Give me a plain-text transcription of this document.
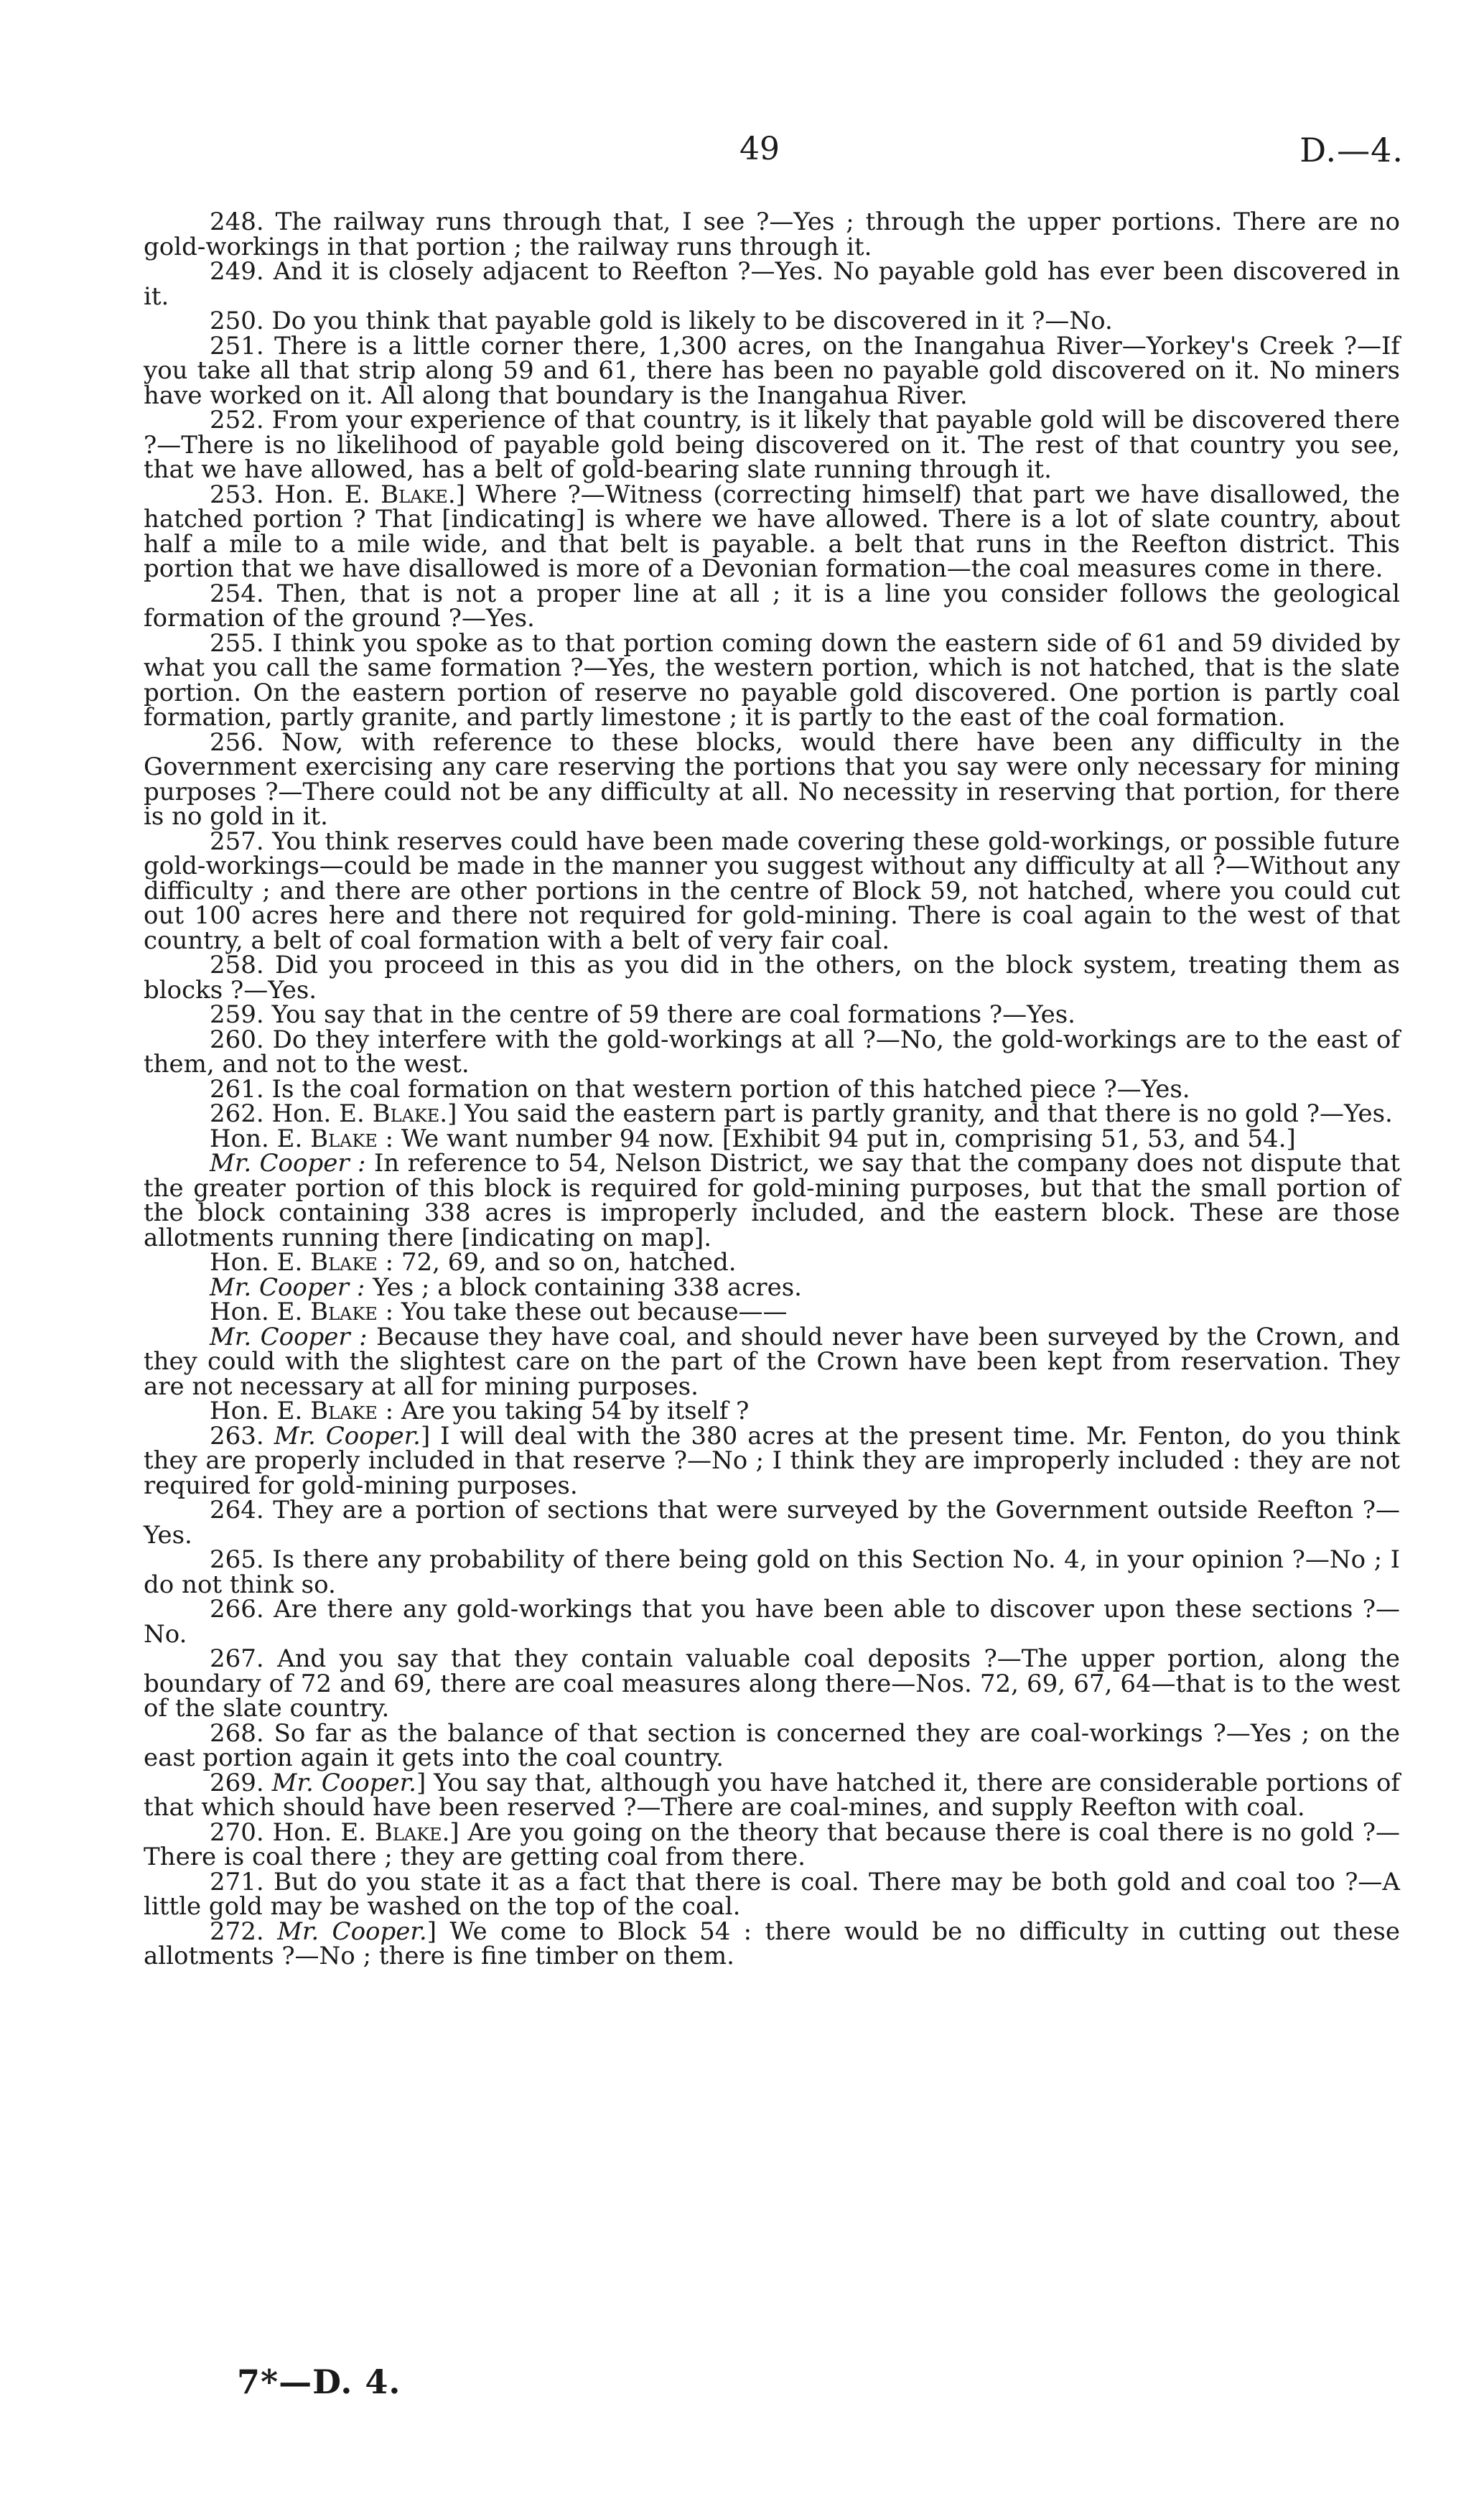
49	D.—4.

248. The railway runs through that, I see ?—Yes ; through the upper portions. There are no gold-workings in that portion ; the railway runs through it.

249. And it is closely adjacent to Reefton ?—Yes. No payable gold has ever been discovered in it.

250. Do you think that payable gold is likely to be discovered in it ?—No.

251. There is a little corner there, 1,300 acres, on the Inangahua River—Yorkey's Creek ?—If you take all that strip along 59 and 61, there has been no payable gold discovered on it. No miners have worked on it. All along that boundary is the Inangahua River.

252. From your experience of that country, is it likely that payable gold will be discovered there ?—There is no likelihood of payable gold being discovered on it. The rest of that country you see, that we have allowed, has a belt of gold-bearing slate running through it.

253. Hon. E. Blake.] Where ?—Witness (correcting himself) that part we have disallowed, the hatched portion ? That [indicating] is where we have allowed. There is a lot of slate country, about half a mile to a mile wide, and that belt is payable. a belt that runs in the Reefton district. This portion that we have disallowed is more of a Devonian formation—the coal measures come in there.

254. Then, that is not a proper line at all ; it is a line you consider follows the geological formation of the ground ?—Yes.

255. I think you spoke as to that portion coming down the eastern side of 61 and 59 divided by what you call the same formation ?—Yes, the western portion, which is not hatched, that is the slate portion. On the eastern portion of reserve no payable gold discovered. One portion is partly coal formation, partly granite, and partly limestone ; it is partly to the east of the coal formation.

256. Now, with reference to these blocks, would there have been any difficulty in the Government exercising any care reserving the portions that you say were only necessary for mining purposes ?—There could not be any difficulty at all. No necessity in reserving that portion, for there is no gold in it.

257. You think reserves could have been made covering these gold-workings, or possible future gold-workings—could be made in the manner you suggest without any difficulty at all ?—Without any difficulty ; and there are other portions in the centre of Block 59, not hatched, where you could cut out 100 acres here and there not required for gold-mining. There is coal again to the west of that country, a belt of coal formation with a belt of very fair coal.

258. Did you proceed in this as you did in the others, on the block system, treating them as blocks ?—Yes.

259. You say that in the centre of 59 there are coal formations ?—Yes.

260. Do they interfere with the gold-workings at all ?—No, the gold-workings are to the east of them, and not to the west.

261. Is the coal formation on that western portion of this hatched piece ?—Yes.

262. Hon. E. Blake.] You said the eastern part is partly granity, and that there is no gold ?—Yes.

Hon. E. Blake : We want number 94 now. [Exhibit 94 put in, comprising 51, 53, and 54.]

Mr. Cooper : In reference to 54, Nelson District, we say that the company does not dispute that the greater portion of this block is required for gold-mining purposes, but that the small portion of the block containing 338 acres is improperly included, and the eastern block. These are those allotments running there [indicating on map].

Hon. E. Blake : 72, 69, and so on, hatched.

Mr. Cooper : Yes ; a block containing 338 acres.

Hon. E. Blake : You take these out because——

Mr. Cooper : Because they have coal, and should never have been surveyed by the Crown, and they could with the slightest care on the part of the Crown have been kept from reservation. They are not necessary at all for mining purposes.

Hon. E. Blake : Are you taking 54 by itself ?

263. Mr. Cooper.] I will deal with the 380 acres at the present time. Mr. Fenton, do you think they are properly included in that reserve ?—No ; I think they are improperly included : they are not required for gold-mining purposes.

264. They are a portion of sections that were surveyed by the Government outside Reefton ?—Yes.

265. Is there any probability of there being gold on this Section No. 4, in your opinion ?—No ; I do not think so.

266. Are there any gold-workings that you have been able to discover upon these sections ?—No.

267. And you say that they contain valuable coal deposits ?—The upper portion, along the boundary of 72 and 69, there are coal measures along there—Nos. 72, 69, 67, 64—that is to the west of the slate country.

268. So far as the balance of that section is concerned they are coal-workings ?—Yes ; on the east portion again it gets into the coal country.

269. Mr. Cooper.] You say that, although you have hatched it, there are considerable portions of that which should have been reserved ?—There are coal-mines, and supply Reefton with coal.

270. Hon. E. Blake.] Are you going on the theory that because there is coal there is no gold ?—There is coal there ; they are getting coal from there.

271. But do you state it as a fact that there is coal. There may be both gold and coal too ?—A little gold may be washed on the top of the coal.

272. Mr. Cooper.] We come to Block 54 : there would be no difficulty in cutting out these allotments ?—No ; there is fine timber on them.

7*—D. 4.
